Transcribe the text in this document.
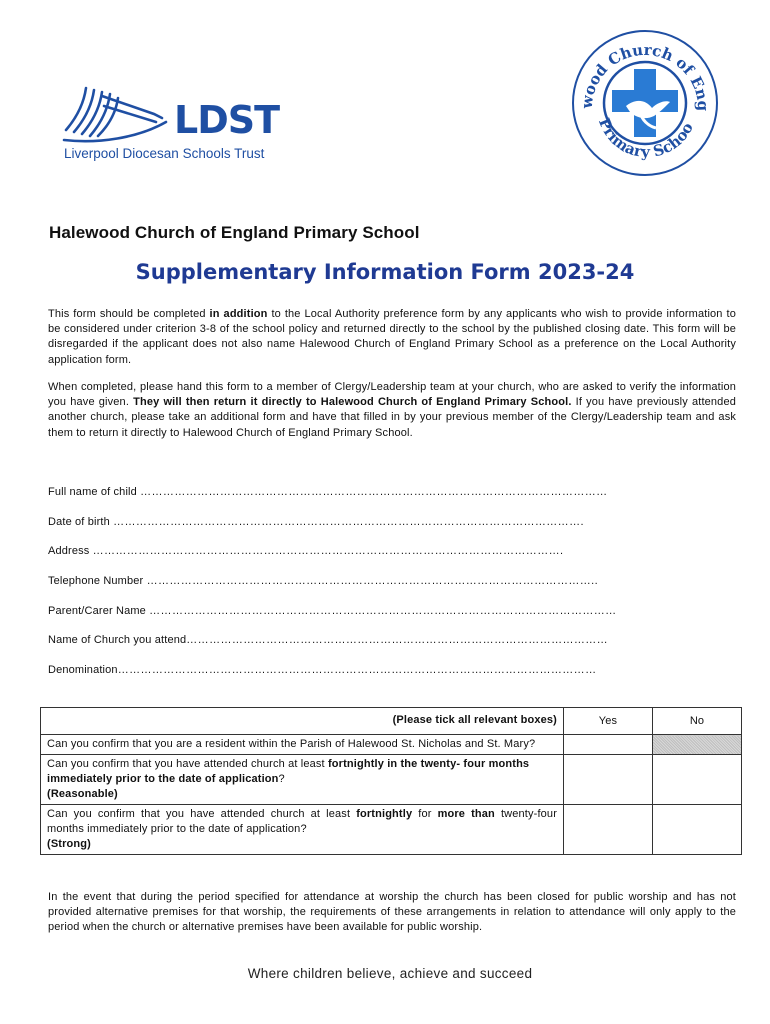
LDST
Liverpool Diocesan Schools Trust
wood Church of Eng
Primary Schoo
Halewood Church of England Primary School
Supplementary Information Form 2023-24
This form should be completed in addition to the Local Authority preference form by any applicants who wish to provide information to be considered under criterion 3-8 of the school policy and returned directly to the school by the published closing date. This form will be disregarded if the applicant does not also name Halewood Church of England Primary School as a preference on the Local Authority application form.
When completed, please hand this form to a member of Clergy/Leadership team at your church, who are asked to verify the information you have given. They will then return it directly to Halewood Church of England Primary School. If you have previously attended another church, please take an additional form and have that filled in by your previous member of the Clergy/Leadership team and ask them to return it directly to Halewood Church of England Primary School.
Full name of child ……………………………………………………………………………………………………………
Date of birth …………………………………………………………………………………………………………….
Address …………………………………………………………………………………………………………….
Telephone Number ………………………………………………………………………………………………………..
Parent/Carer Name ……………………………………………………………………………………………………………
Name of Church you attend…………………………………………………………………………………………………
Denomination………………………………………………………………………………………………………………
(Please tick all relevant boxes)	Yes	No
Can you confirm that you are a resident within the Parish of Halewood St. Nicholas and St. Mary?		
Can you confirm that you have attended church at least fortnightly in the twenty- four months immediately prior to the date of application?
(Reasonable)		
Can you confirm that you have attended church at least fortnightly for more than twenty-four months immediately prior to the date of application?
(Strong)		
In the event that during the period specified for attendance at worship the church has been closed for public worship and has not provided alternative premises for that worship, the requirements of these arrangements in relation to attendance will only apply to the period when the church or alternative premises have been available for public worship.
Where children believe, achieve and succeed
